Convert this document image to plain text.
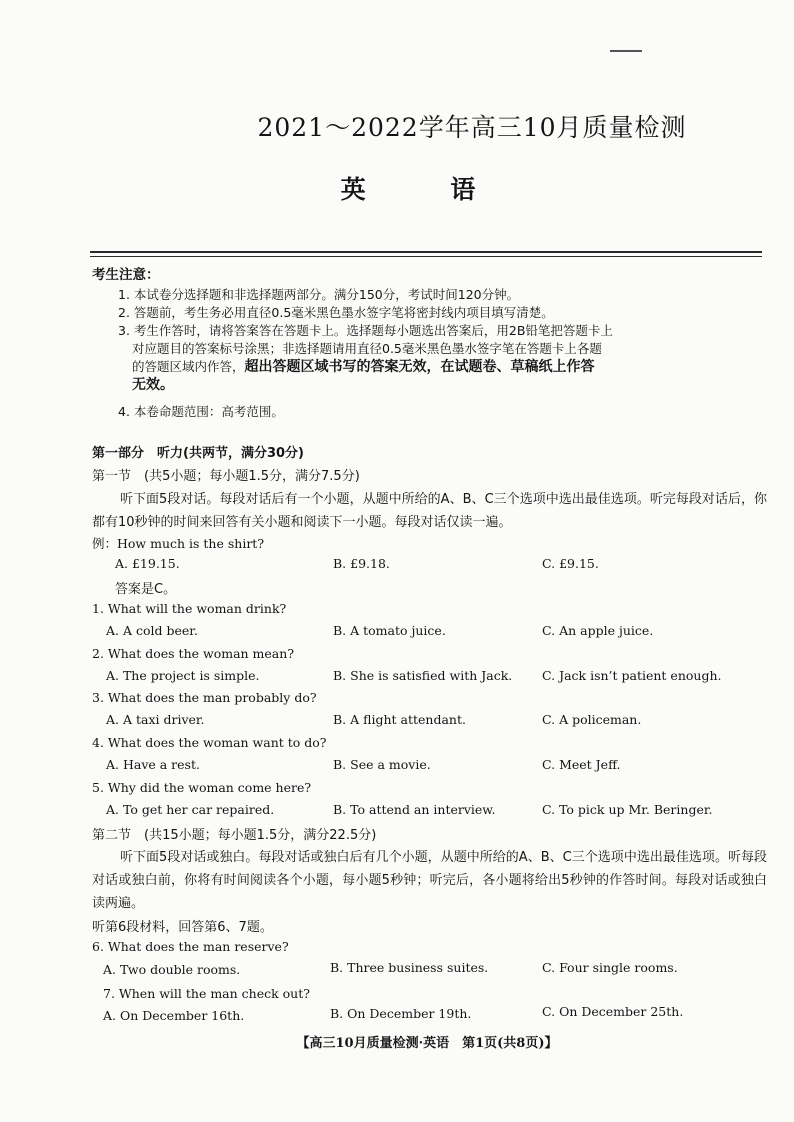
2021～2022学年高三10月质量检测
英 语
考生注意：
1. 本试卷分选择题和非选择题两部分。满分150分，考试时间120分钟。
2. 答题前，考生务必用直径0.5毫米黑色墨水签字笔将密封线内项目填写清楚。
3. 考生作答时，请将答案答在答题卡上。选择题每小题选出答案后，用2B铅笔把答题卡上
对应题目的答案标号涂黑；非选择题请用直径0.5毫米黑色墨水签字笔在答题卡上各题
的答题区域内作答，超出答题区域书写的答案无效，在试题卷、草稿纸上作答
无效。
4. 本卷命题范围：高考范围。
第一部分　听力(共两节，满分30分)
第一节　(共5小题；每小题1.5分，满分7.5分)
听下面5段对话。每段对话后有一个小题，从题中所给的A、B、C三个选项中选出最佳选项。听完每段对话后，你都有10秒钟的时间来回答有关小题和阅读下一小题。每段对话仅读一遍。
例：How much is the shirt?
A. £19.15.	B. £9.18.	C. £9.15.
答案是C。
1. What will the woman drink?
A. A cold beer.	B. A tomato juice.	C. An apple juice.
2. What does the woman mean?
A. The project is simple.	B. She is satisfied with Jack. C. Jack isn’t patient enough.
3. What does the man probably do?
A. A taxi driver.	B. A flight attendant.	C. A policeman.
4. What does the woman want to do?
A. Have a rest.	B. See a movie.	C. Meet Jeff.
5. Why did the woman come here?
A. To get her car repaired.	B. To attend an interview.	C. To pick up Mr. Beringer.
第二节　(共15小题；每小题1.5分，满分22.5分)
听下面5段对话或独白。每段对话或独白后有几个小题，从题中所给的A、B、C三个选项中选出最佳选项。听每段对话或独白前，你将有时间阅读各个小题，每小题5秒钟；听完后，各小题将给出5秒钟的作答时间。每段对话或独白读两遍。
听第6段材料，回答第6、7题。
6. What does the man reserve?
A. Two double rooms.	B. Three business suites.	C. Four single rooms.
7. When will the man check out?
A. On December 16th.	B. On December 19th.	C. On December 25th.
【高三10月质量检测·英语　第1页(共8页)】
